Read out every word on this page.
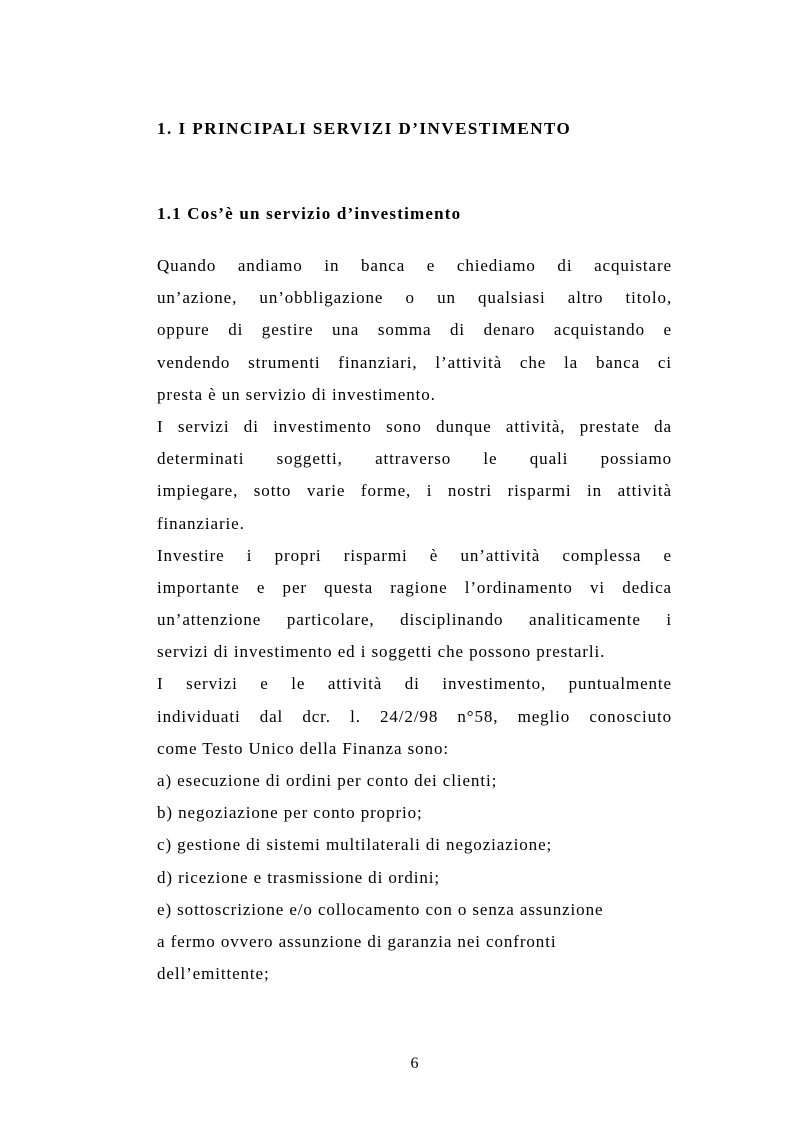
1. I PRINCIPALI SERVIZI D’INVESTIMENTO
1.1 Cos’è un servizio d’investimento
Quando andiamo in banca e chiediamo di acquistare
un’azione, un’obbligazione o un qualsiasi altro titolo,
oppure di gestire una somma di denaro acquistando e
vendendo strumenti finanziari, l’attività che la banca ci
presta è un servizio di investimento.
I servizi di investimento sono dunque attività, prestate da
determinati soggetti, attraverso le quali possiamo
impiegare, sotto varie forme, i nostri risparmi in attività
finanziarie.
Investire i propri risparmi è un’attività complessa e
importante e per questa ragione l’ordinamento vi dedica
un’attenzione particolare, disciplinando analiticamente i
servizi di investimento ed i soggetti che possono prestarli.
I servizi e le attività di investimento, puntualmente
individuati dal dcr. l. 24/2/98 n°58, meglio conosciuto
come Testo Unico della Finanza sono:
a) esecuzione di ordini per conto dei clienti;
b) negoziazione per conto proprio;
c) gestione di sistemi multilaterali di negoziazione;
d) ricezione e trasmissione di ordini;
e) sottoscrizione e/o collocamento con o senza assunzione
a fermo ovvero assunzione di garanzia nei confronti
dell’emittente;
6
